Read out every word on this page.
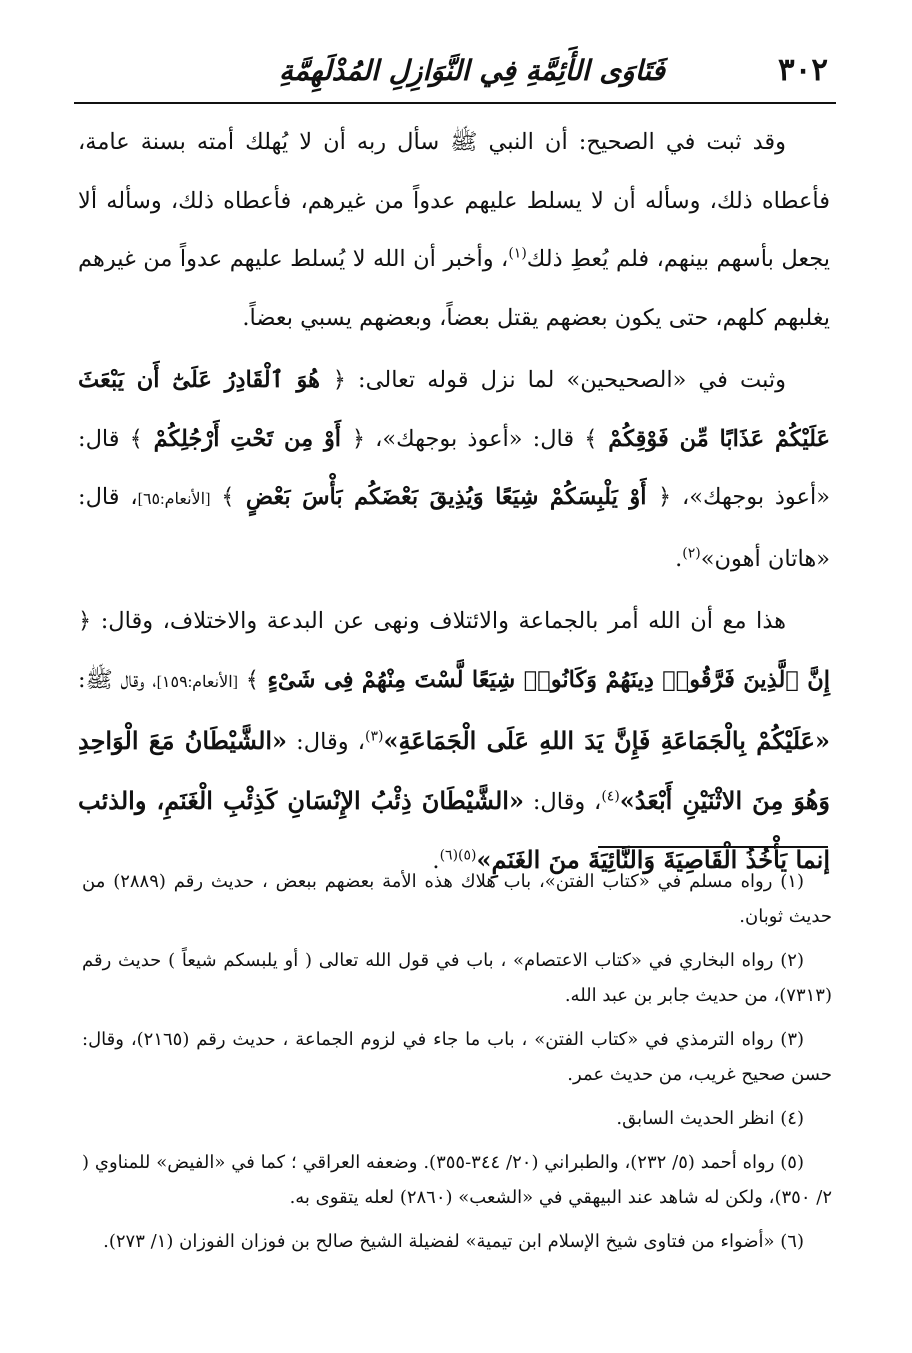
٣٠٢
فَتَاوَى الأَئِمَّةِ فِي النَّوَازِلِ المُدْلَهِمَّةِ

وقد ثبت في الصحيح: أن النبي ﷺ سأل ربه أن لا يُهلك أمته بسنة عامة، فأعطاه ذلك، وسأله أن لا يسلط عليهم عدواً من غيرهم، فأعطاه ذلك، وسأله ألا يجعل بأسهم بينهم، فلم يُعطِ ذلك$^{(١)}$، وأخبر أن الله لا يُسلط عليهم عدواً من غيرهم يغلبهم كلهم، حتى يكون بعضهم يقتل بعضاً، وبعضهم يسبي بعضاً.

وثبت في «الصحيحين» لما نزل قوله تعالى: ﴿ هُوَ ٱلْقَادِرُ عَلَىٰٓ أَن يَبْعَثَ عَلَيْكُمْ عَذَابًا مِّن فَوْقِكُمْ ﴾ قال: «أعوذ بوجهك»، ﴿ أَوْ مِن تَحْتِ أَرْجُلِكُمْ ﴾ قال: «أعوذ بوجهك»، ﴿ أَوْ يَلْبِسَكُمْ شِيَعًا وَيُذِيقَ بَعْضَكُم بَأْسَ بَعْضٍ ﴾ [الأنعام:٦٥]، قال: «هاتان أهون»$^{(٢)}$.

هذا مع أن الله أمر بالجماعة والائتلاف ونهى عن البدعة والاختلاف، وقال: ﴿ إِنَّ ٱلَّذِينَ فَرَّقُوا۟ دِينَهُمْ وَكَانُوا۟ شِيَعًا لَّسْتَ مِنْهُمْ فِى شَىْءٍ ﴾ [الأنعام:١٥٩]، وقال ﷺ: «عَلَيْكُمْ بِالْجَمَاعَةِ فَإِنَّ يَدَ اللهِ عَلَى الْجَمَاعَةِ»$^{(٣)}$، وقال: «الشَّيْطَانُ مَعَ الْوَاحِدِ وَهُوَ مِنَ الاثْنَيْنِ أَبْعَدُ»$^{(٤)}$، وقال: «الشَّيْطَانَ ذِئْبُ الإِنْسَانِ كَذِئْبِ الْغَنَمِ، والذئب إنما يَأْخُذُ الْقَاصِيَةَ وَالنَّائِيَةَ منَ الغَنَمِ»$^{(٥)(٦)}$.

(١) رواه مسلم في «كتاب الفتن»، باب هلاك هذه الأمة بعضهم ببعض ، حديث رقم (٢٨٨٩) من حديث ثوبان.

(٢) رواه البخاري في «كتاب الاعتصام» ، باب في قول الله تعالى ( أو يلبسكم شيعاً ) حديث رقم (٧٣١٣)، من حديث جابر بن عبد الله.

(٣) رواه الترمذي في «كتاب الفتن» ، باب ما جاء في لزوم الجماعة ، حديث رقم (٢١٦٥)، وقال: حسن صحيح غريب، من حديث عمر.

(٤) انظر الحديث السابق.

(٥) رواه أحمد (٥/ ٢٣٢)، والطبراني (٢٠/ ٣٤٤-٣٥٥). وضعفه العراقي ؛ كما في «الفيض» للمناوي ( ٢/ ٣٥٠)، ولكن له شاهد عند البيهقي في «الشعب» (٢٨٦٠) لعله يتقوى به.

(٦) «أضواء من فتاوى شيخ الإسلام ابن تيمية» لفضيلة الشيخ صالح بن فوزان الفوزان (١/ ٢٧٣).
